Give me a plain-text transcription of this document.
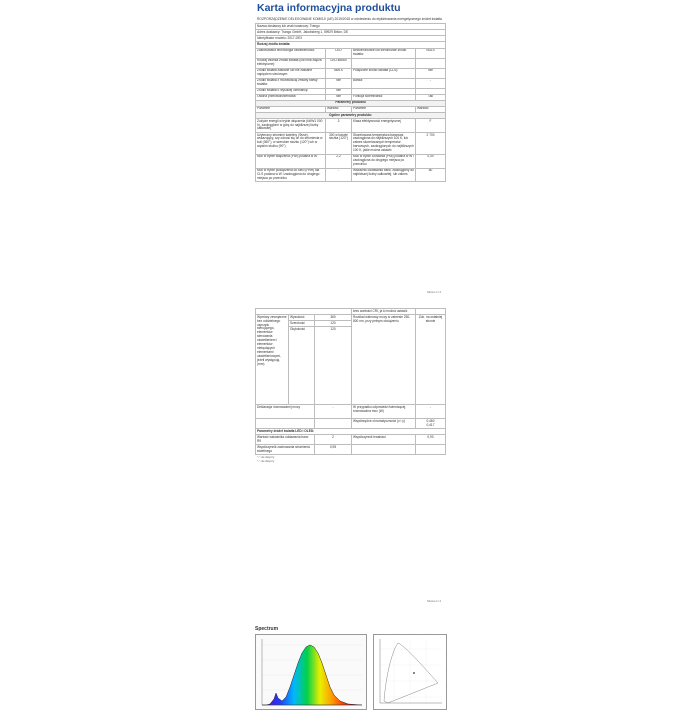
Karta informacyjna produktu
ROZPORZĄDZENIE DELEGOWANE KOMISJI (UE) 2019/2015 w odniesieniu do etykietowania energetycznego źródeł światła
Nazwa dostawcy lub znak towarowy: Trango			
Adres dostawcy: Trango GmbH, Jakobsberg 1, 59929 Brilon, DE			
Identyfikator modelu: 2017-DEX			
Rodzaj źródła światła:			
Zastosowana technologia oświetleniowa:	LED	Bezkierunkowe lub kierunkowe źródło światła:	NDLS
Rodzaj trzonka źródła światła (lub inna złącza elektryczne):	LED-Modul		
Źródło światła zasilane lub nie zasilane napięciem sieciowym:	NMLS	Połączone źródło światła (CLS):	Nie
Źródło światła z możliwością zmiany barwy światła:	Nie	Bańka:	-
Źródło światła o wysokiej luminancji:	Nie		
Osłona przeciwolśnieniowa:	Nie	Funkcja ściemniania:	Tak
Parametry produktu			
Parametr	Wartość	Parametr	Wartość
Ogólne parametry produktu:			
Zużycie energii w trybie włączenia (kWh/1 000 h), zaokrąglone w górę do najbliższej liczby całkowitej	3	Klasa efektywności energetycznej	F
Użyteczny strumień świetlny (Φuse), wskazujący, czy odnosi się on do strumienia w kuli (360°), w szerokim stożku (120°) lub w wąskim stożku (90°)	300 w barwie stożka (120°)	Skorelowana temperatura barwowa, zaokrąglona do najbliższych 100 K, lub zakres skorelowanych temperatur barwowych, zaokrąglonych do najbliższych 100 K, jakie można ustawić	2 700
Moc w trybie włączenia (Pon) podana w W	2,2	Moc w trybie czuwania (Psb) podana w W i zaokrąglona do drugiego miejsca po przecinku	0,00
Moc w trybie podłączenia do sieci (Pnet) dla CLS podana w W i zaokrąglona do drugiego miejsca po przecinku	-	Wskaźnik oddawania barw, zaokrąglony do najbliższej liczby całkowitej, lub zakres	80
Strona 1 z 4
			kres wartości CRI, ja ki można ustawić	
Wymiary zewnętrzne bez oddzielnego osprzętu sterującego, elementów sterowania oświetleniem i elementów niebędących elementami oświetleniowymi, jeżeli występują (mm)	Wysokość	360	Rozkład widmowy mocy w zakresie 250-800 nm, przy pełnym obciążeniu	Zob. na ostatniej stronie
	Szerokość	120		
	Głębokość	120		
Deklaracja równoważnej mocy		-	W przypadku odpowiedzi twierdzącej, równoważna moc (W)	-
			Współrzędne chromatyczności (x i y)	0,460
0,417
Parametry źródeł światła LED i OLED:				
Wartość wskaźnika oddawania barw R9		2	Współczynnik trwałości	0,90
Współczynnik zachowania strumienia świetlnego		0,95		
"-": nie dotyczy;
"-": nie dotyczy
Strona 2 z 4
Spectrum
